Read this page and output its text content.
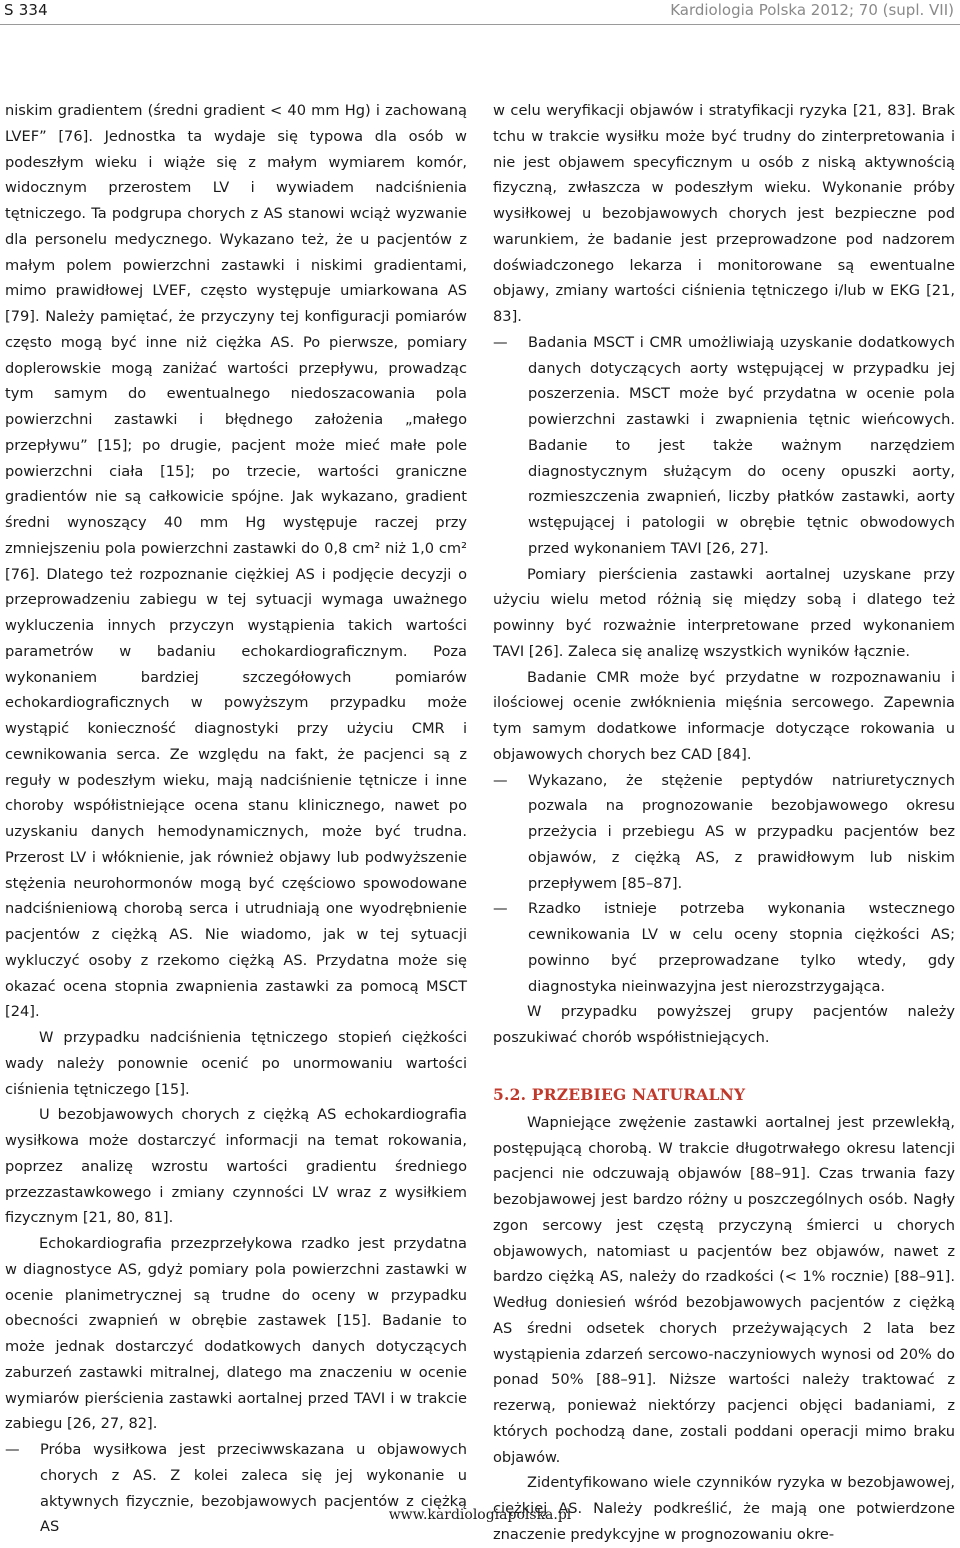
S 334	Kardiologia Polska 2012; 70 (supl. VII)

niskim gradientem (średni gradient < 40 mm Hg) i zachowaną LVEF” [76]. Jednostka ta wydaje się typowa dla osób w podeszłym wieku i wiąże się z małym wymiarem komór, widocznym przerostem LV i wywiadem nadciśnienia tętniczego. Ta podgrupa chorych z AS stanowi wciąż wyzwanie dla personelu medycznego. Wykazano też, że u pacjentów z małym polem powierzchni zastawki i niskimi gradientami, mimo prawidłowej LVEF, często występuje umiarkowana AS [79]. Należy pamiętać, że przyczyny tej konfiguracji pomiarów często mogą być inne niż ciężka AS. Po pierwsze, pomiary doplerowskie mogą zaniżać wartości przepływu, prowadząc tym samym do ewentualnego niedoszacowania pola powierzchni zastawki i błędnego założenia „małego przepływu” [15]; po drugie, pacjent może mieć małe pole powierzchni ciała [15]; po trzecie, wartości graniczne gradientów nie są całkowicie spójne. Jak wykazano, gradient średni wynoszący 40 mm Hg występuje raczej przy zmniejszeniu pola powierzchni zastawki do 0,8 cm² niż 1,0 cm² [76]. Dlatego też rozpoznanie ciężkiej AS i podjęcie decyzji o przeprowadzeniu zabiegu w tej sytuacji wymaga uważnego wykluczenia innych przyczyn wystąpienia takich wartości parametrów w badaniu echokardiograficznym. Poza wykonaniem bardziej szczegółowych pomiarów echokardiograficznych w powyższym przypadku może wystąpić konieczność diagnostyki przy użyciu CMR i cewnikowania serca. Ze względu na fakt, że pacjenci są z reguły w podeszłym wieku, mają nadciśnienie tętnicze i inne choroby współistniejące ocena stanu klinicznego, nawet po uzyskaniu danych hemodynamicznych, może być trudna. Przerost LV i włóknienie, jak również objawy lub podwyższenie stężenia neurohormonów mogą być częściowo spowodowane nadciśnieniową chorobą serca i utrudniają one wyodrębnienie pacjentów z ciężką AS. Nie wiadomo, jak w tej sytuacji wykluczyć osoby z rzekomo ciężką AS. Przydatna może się okazać ocena stopnia zwapnienia zastawki za pomocą MSCT [24].

W przypadku nadciśnienia tętniczego stopień ciężkości wady należy ponownie ocenić po unormowaniu wartości ciśnienia tętniczego [15].

U bezobjawowych chorych z ciężką AS echokardiografia wysiłkowa może dostarczyć informacji na temat rokowania, poprzez analizę wzrostu wartości gradientu średniego przezzastawkowego i zmiany czynności LV wraz z wysiłkiem fizycznym [21, 80, 81].

Echokardiografia przezprzełykowa rzadko jest przydatna w diagnostyce AS, gdyż pomiary pola powierzchni zastawki w ocenie planimetrycznej są trudne do oceny w przypadku obecności zwapnień w obrębie zastawek [15]. Badanie to może jednak dostarczyć dodatkowych danych dotyczących zaburzeń zastawki mitralnej, dlatego ma znaczeniu w ocenie wymiarów pierścienia zastawki aortalnej przed TAVI i w trakcie zabiegu [26, 27, 82].

— Próba wysiłkowa jest przeciwwskazana u objawowych chorych z AS. Z kolei zaleca się jej wykonanie u aktywnych fizycznie, bezobjawowych pacjentów z ciężką AS

w celu weryfikacji objawów i stratyfikacji ryzyka [21, 83]. Brak tchu w trakcie wysiłku może być trudny do zinterpretowania i nie jest objawem specyficznym u osób z niską aktywnością fizyczną, zwłaszcza w podeszłym wieku. Wykonanie próby wysiłkowej u bezobjawowych chorych jest bezpieczne pod warunkiem, że badanie jest przeprowadzone pod nadzorem doświadczonego lekarza i monitorowane są ewentualne objawy, zmiany wartości ciśnienia tętniczego i/lub w EKG [21, 83].

— Badania MSCT i CMR umożliwiają uzyskanie dodatkowych danych dotyczących aorty wstępującej w przypadku jej poszerzenia. MSCT może być przydatna w ocenie pola powierzchni zastawki i zwapnienia tętnic wieńcowych. Badanie to jest także ważnym narzędziem diagnostycznym służącym do oceny opuszki aorty, rozmieszczenia zwapnień, liczby płatków zastawki, aorty wstępującej i patologii w obrębie tętnic obwodowych przed wykonaniem TAVI [26, 27].

Pomiary pierścienia zastawki aortalnej uzyskane przy użyciu wielu metod różnią się między sobą i dlatego też powinny być rozważnie interpretowane przed wykonaniem TAVI [26]. Zaleca się analizę wszystkich wyników łącznie.

Badanie CMR może być przydatne w rozpoznawaniu i ilościowej ocenie zwłóknienia mięśnia sercowego. Zapewnia tym samym dodatkowe informacje dotyczące rokowania u objawowych chorych bez CAD [84].

— Wykazano, że stężenie peptydów natriuretycznych pozwala na prognozowanie bezobjawowego okresu przeżycia i przebiegu AS w przypadku pacjentów bez objawów, z ciężką AS, z prawidłowym lub niskim przepływem [85–87].

— Rzadko istnieje potrzeba wykonania wstecznego cewnikowania LV w celu oceny stopnia ciężkości AS; powinno być przeprowadzane tylko wtedy, gdy diagnostyka nieinwazyjna jest nierozstrzygająca.

W przypadku powyższej grupy pacjentów należy poszukiwać chorób współistniejących.

5.2. PRZEBIEG NATURALNY

Wapniejące zwężenie zastawki aortalnej jest przewlekłą, postępującą chorobą. W trakcie długotrwałego okresu latencji pacjenci nie odczuwają objawów [88–91]. Czas trwania fazy bezobjawowej jest bardzo różny u poszczególnych osób. Nagły zgon sercowy jest częstą przyczyną śmierci u chorych objawowych, natomiast u pacjentów bez objawów, nawet z bardzo ciężką AS, należy do rzadkości (< 1% rocznie) [88–91]. Według doniesień wśród bezobjawowych pacjentów z ciężką AS średni odsetek chorych przeżywających 2 lata bez wystąpienia zdarzeń sercowo-naczyniowych wynosi od 20% do ponad 50% [88–91]. Niższe wartości należy traktować z rezerwą, ponieważ niektórzy pacjenci objęci badaniami, z których pochodzą dane, zostali poddani operacji mimo braku objawów.

Zidentyfikowano wiele czynników ryzyka w bezobjawowej, ciężkiej AS. Należy podkreślić, że mają one potwierdzone znaczenie predykcyjne w prognozowaniu okre-

www.kardiologiapolska.pl
